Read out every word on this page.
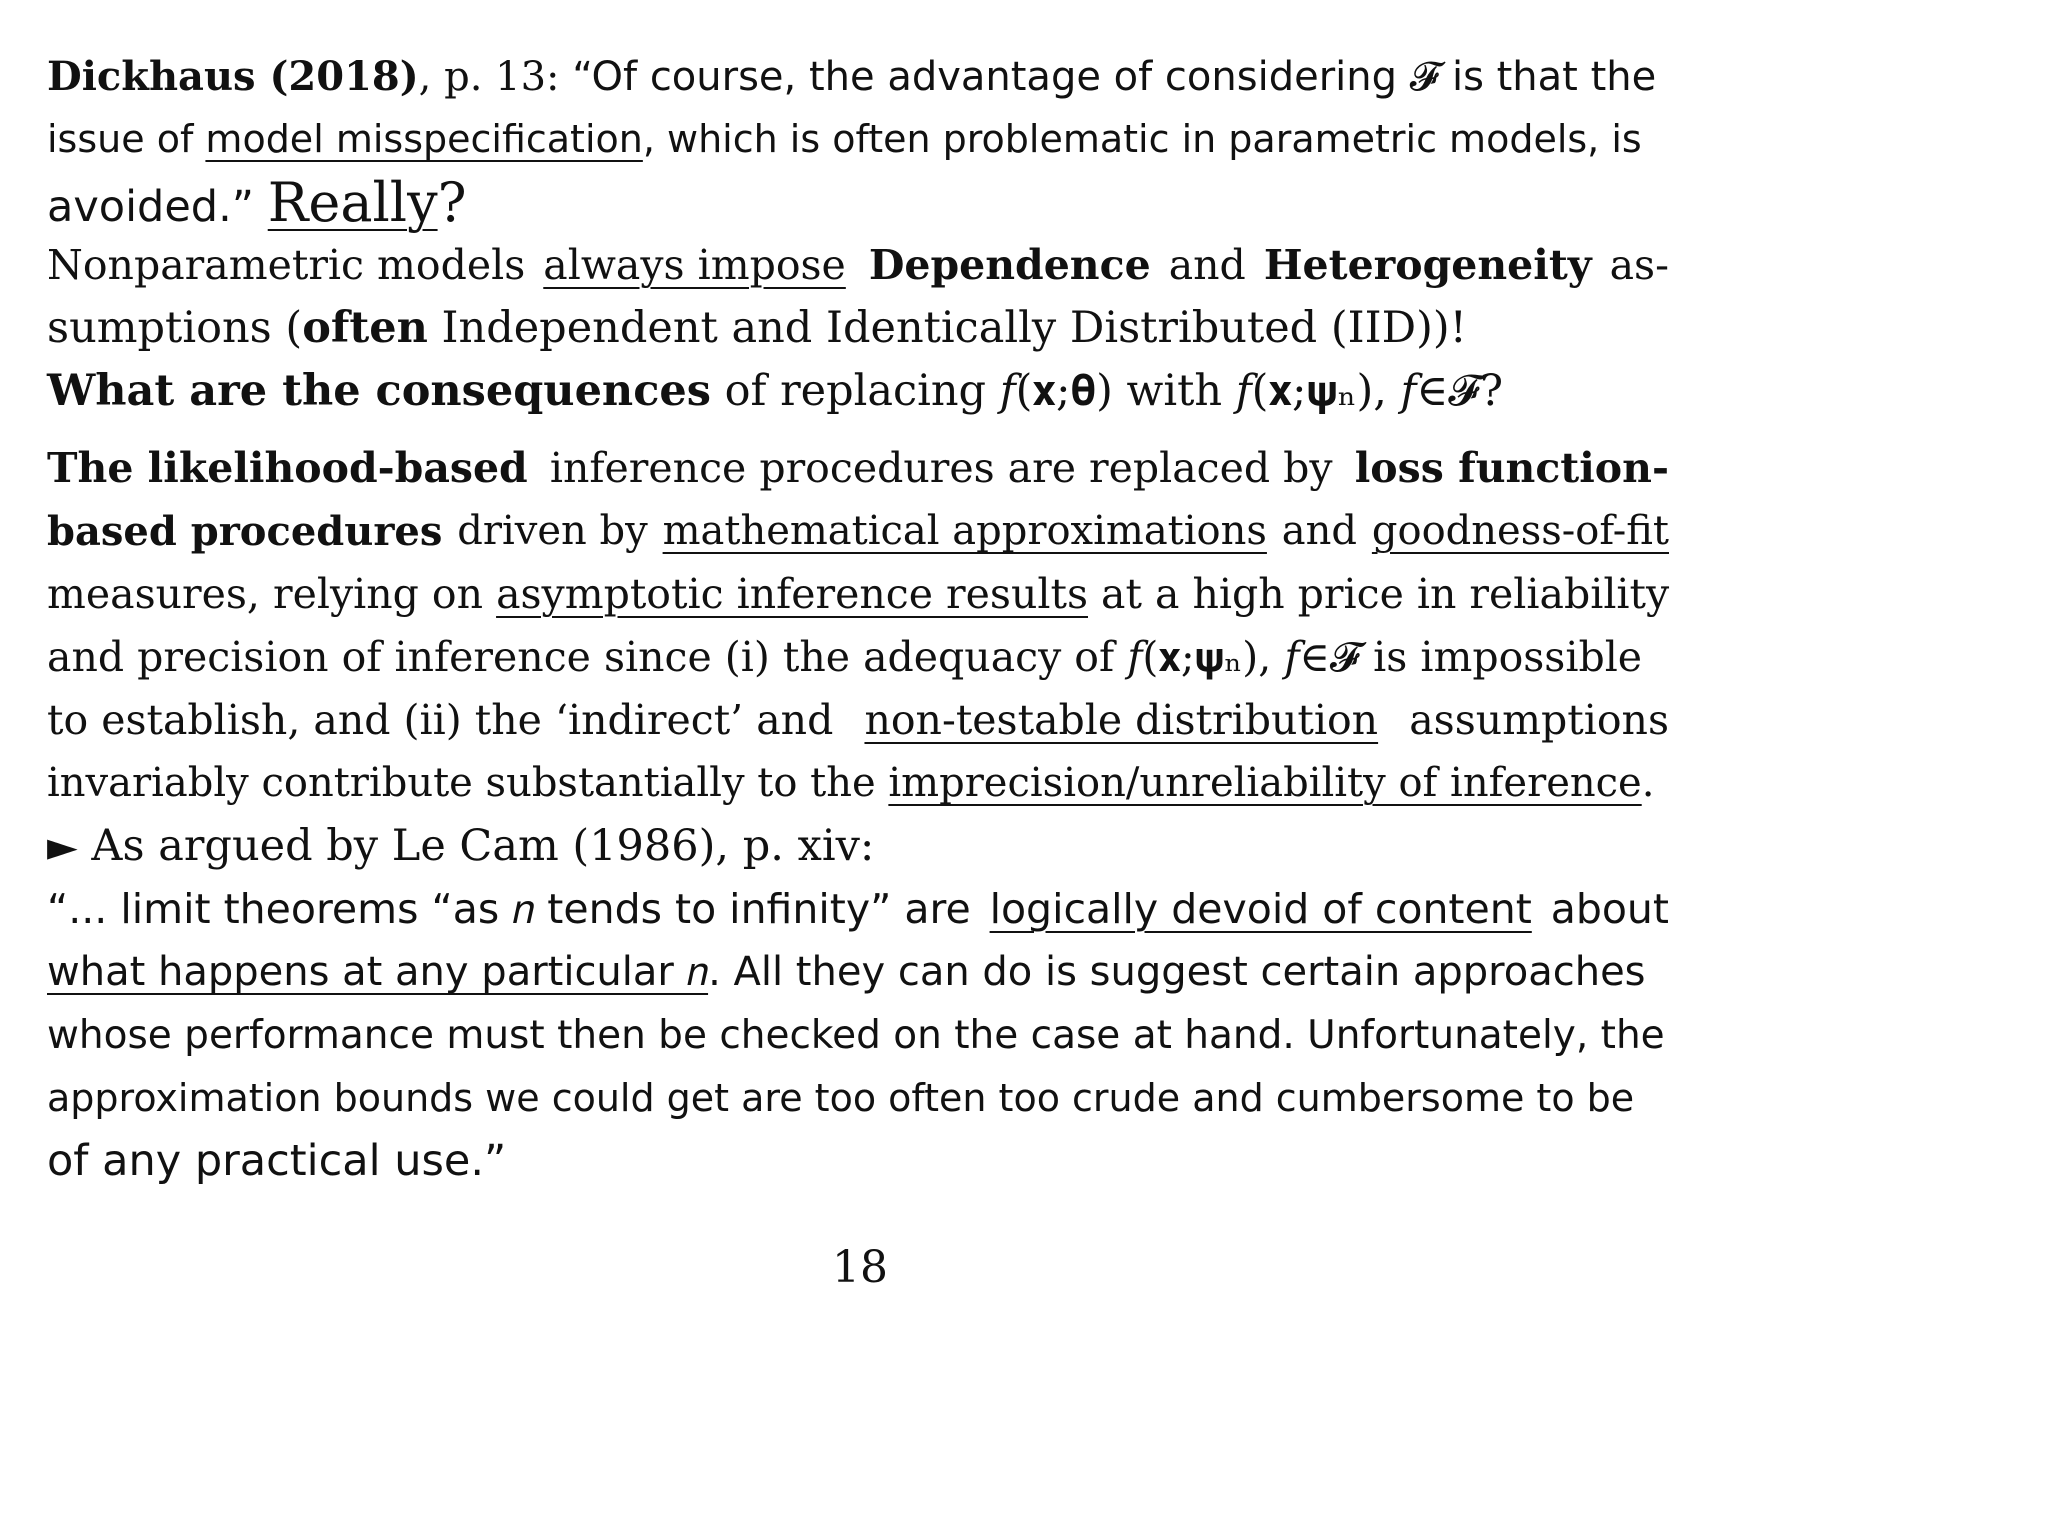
Dickhaus (2018), p. 13: “Of course, the advantage of considering 𝓕 is that the
issue of model misspecification, which is often problematic in parametric models, is
avoided.” Really?
Nonparametric models always impose
Dependence and Heterogeneity as-
sumptions (often Independent and Identically Distributed (IID))!
What are the consequences of replacing 𝑓(𝐱;𝛉) with 𝑓(𝐱;𝛙ₙ), 𝑓∈𝓕?
The likelihood-based inference procedures are replaced by loss function-
based procedures driven by mathematical approximations and goodness-of-fit
measures, relying on asymptotic inference results at a high price in reliability
and precision of inference since (i) the adequacy of 𝑓(𝐱;𝛙ₙ), 𝑓∈𝓕 is impossible
to establish, and (ii) the ‘indirect’ and non-testable distribution assumptions
invariably contribute substantially to the imprecision/unreliability of inference.
► As argued by Le Cam (1986), p. xiv:
“... limit theorems “as 𝑛 tends to infinity” are logically devoid of content about
what happens at any particular 𝑛. All they can do is suggest certain approaches
whose performance must then be checked on the case at hand. Unfortunately, the
approximation bounds we could get are too often too crude and cumbersome to be
of any practical use.”
18
